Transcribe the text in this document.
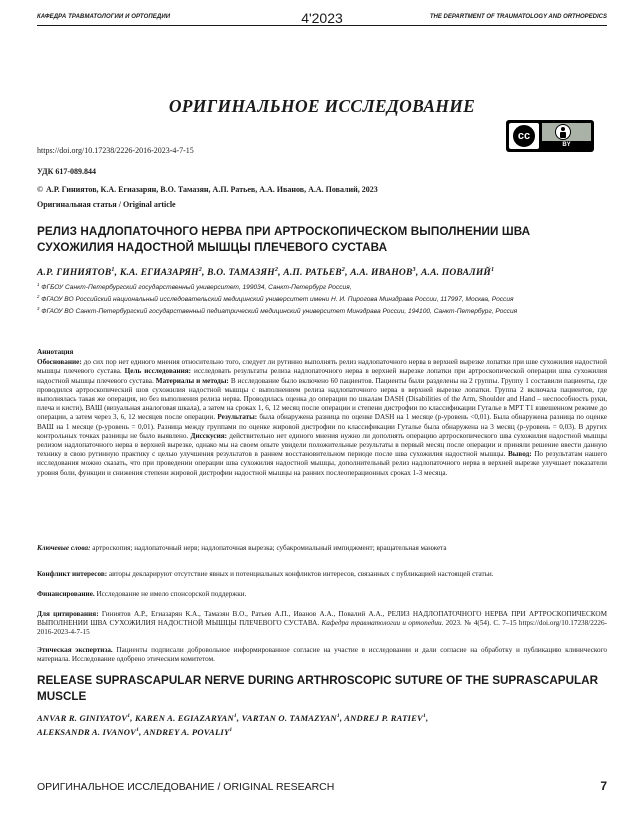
КАФЕДРА ТРАВМАТОЛОГИИ И ОРТОПЕДИИ	4'2023	THE DEPARTMENT OF TRAUMATOLOGY AND ORTHOPEDICS
ОРИГИНАЛЬНОЕ ИССЛЕДОВАНИЕ
cc
BY
https://doi.org/10.17238/2226-2016-2023-4-7-15
УДК 617-089.844
© А.Р. Гиниятов, К.А. Егиазарян, В.О. Тамазян, А.П. Ратьев, А.А. Иванов, А.А. Повалий, 2023
Оригинальная статья / Original article
РЕЛИЗ НАДЛОПАТОЧНОГО НЕРВА ПРИ АРТРОСКОПИЧЕСКОМ ВЫПОЛНЕНИИ ШВА СУХОЖИЛИЯ НАДОСТНОЙ МЫШЦЫ ПЛЕЧЕВОГО СУСТАВА
А.Р. ГИНИЯТОВ$^1$, К.А. ЕГИАЗАРЯН$^2$, В.О. ТАМАЗЯН$^2$, А.П. РАТЬЕВ$^2$, А.А. ИВАНОВ$^3$, А.А. ПОВАЛИЙ$^1$
$^1$ ФГБОУ Санкт-Петербургский государственный университет, 199034, Санкт-Петербург Россия,
$^2$ ФГАОУ ВО Российский национальный исследовательский медицинский университет имени Н. И. Пирогова Минздрава России, 117997, Москва, Россия
$^3$ ФГАОУ ВО Санкт-Петербургский государственный педиатрический медицинский университет Минздрава России, 194100, Санкт-Петербург, Россия
Аннотация
Обоснование: до сих пор нет единого мнения относительно того, следует ли рутинно выполнять релиз надлопаточного нерва в верхней вырезке лопатки при шве сухожилия надостной мышцы плечевого сустава. Цель исследования: исследовать результаты релиза надлопаточного нерва в верхней вырезке лопатки при артроскопической операции шва сухожилия надостной мышцы плечевого сустава. Материалы и методы: В исследование было включено 60 пациентов. Пациенты были разделены на 2 группы. Группу 1 составили пациенты, где проводился артроскопический шов сухожилия надостной мышцы с выполнением релиза надлопаточного нерва в верхней вырезке лопатки. Группа 2 включала пациентов, где выполнялась такая же операция, но без выполнения релиза нерва. Проводилась оценка до операции по шкалам DASH (Disabilities of the Arm, Shoulder and Hand – неспособность руки, плеча и кисти), ВАШ (визуальная аналоговая шкала), а затем на сроках 1, 6, 12 месяц после операции и степени дистрофии по классификации Гуталье в МРТ Т1 взвешенном режиме до операции, а затем через 3, 6, 12 месяцев после операции. Результаты: была обнаружена разница по оценке DASH на 1 месяце (р-уровень <0,01). Была обнаружена разница по оценке ВАШ на 1 месяце (р-уровень = 0,01). Разница между группами по оценке жировой дистрофии по классификации Гуталье была обнаружена на 3 месяц (р-уровень = 0,03). В других контрольных точках разницы не было выявлено. Дисскусия: действительно нет единого мнения нужно ли дополнять операцию артроскопического шва сухожилия надостной мышцы релизом надлопаточного нерва в верхней вырезке, однако мы на своем опыте увидели положительные результаты в первый месяц после операции и приняли решение ввести данную технику в свою рутинную практику с целью улучшения результатов в раннем восстановительном периоде после шва сухожилия надостной мышцы. Вывод: По результатам нашего исследования можно сказать, что при проведении операции шва сухожилия надостной мышцы, дополнительный релиз надлопаточного нерва в верхней вырезке улучшает показатели уровня боли, функции и снижения степени жировой дистрофии надостной мышцы на ранних послеоперационных сроках 1-3 месяца.
Ключевые слова: артроскопия; надлопаточный нерв; надлопаточная вырезка; субакромиальный импиджмент; вращательная манжета
Конфликт интересов: авторы декларируют отсутствие явных и потенциальных конфликтов интересов, связанных с публикацией настоящей статьи.
Финансирование. Исследование не имело спонсорской поддержки.
Для цитирования: Гиниятов А.Р., Егиазарян К.А., Тамазян В.О., Ратьев А.П., Иванов А.А., Повалий А.А., РЕЛИЗ НАДЛОПАТОЧНОГО НЕРВА ПРИ АРТРОСКОПИЧЕСКОМ ВЫПОЛНЕНИИ ШВА СУХОЖИЛИЯ НАДОСТНОЙ МЫШЦЫ ПЛЕЧЕВОГО СУСТАВА. Кафедра травматологии и ортопедии. 2023. № 4(54). С. 7–15 https://doi.org/10.17238/2226-2016-2023-4-7-15
Этическая экспертиза. Пациенты подписали добровольное информированное согласие на участие в исследовании и дали согласие на обработку и публикацию клинического материала. Исследование одобрено этическим комитетом.
RELEASE SUPRASCAPULAR NERVE DURING ARTHROSCOPIC SUTURE OF THE SUPRASCAPULAR MUSCLE
ANVAR R. GINIYATOV$^1$, KAREN A. EGIAZARYAN$^1$, VARTAN O. TAMAZYAN$^1$, ANDREJ P. RATIEV$^1$,
ALEKSANDR A. IVANOV$^1$, ANDREY A. POVALIY$^1$
ОРИГИНАЛЬНОЕ ИССЛЕДОВАНИЕ / ORIGINAL RESEARCH	7
